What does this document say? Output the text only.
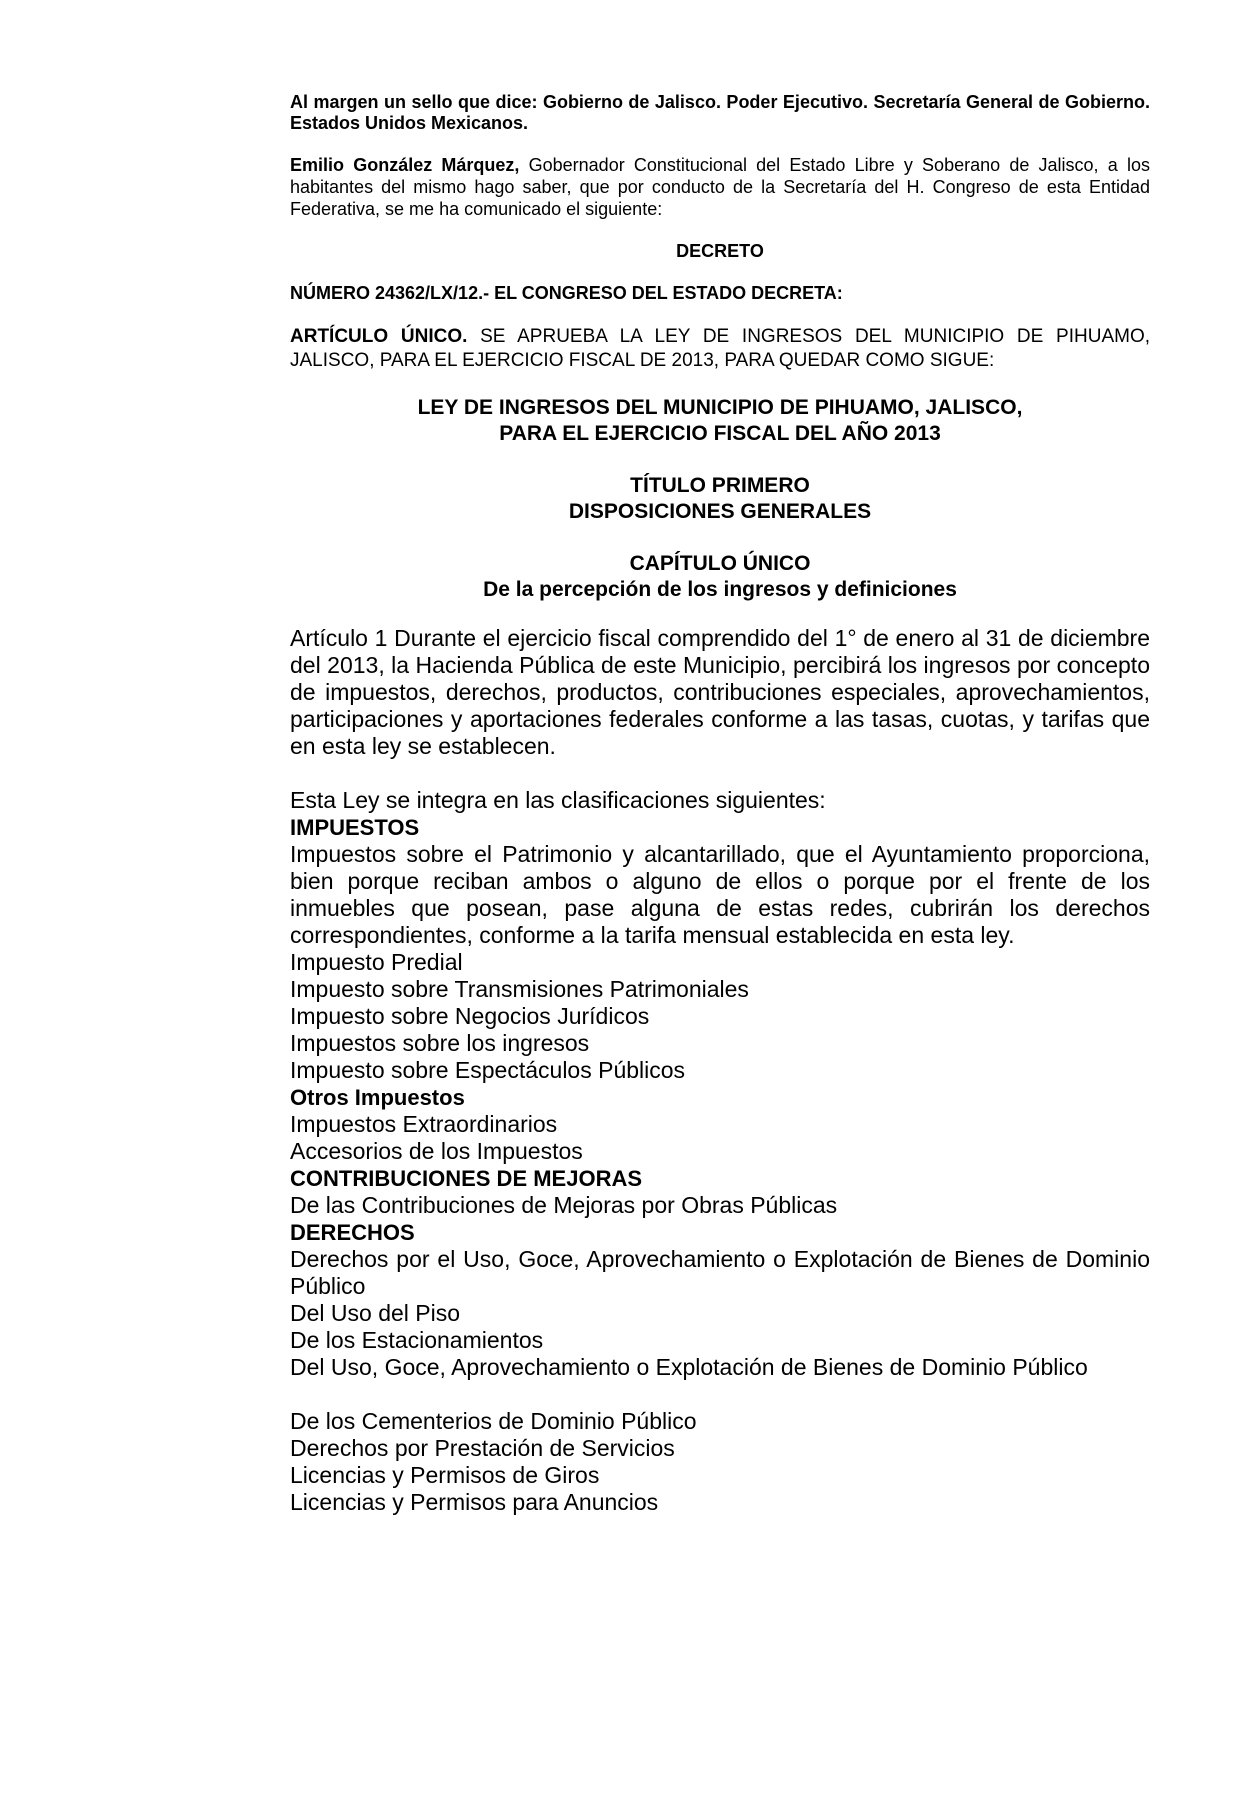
Al margen un sello que dice: Gobierno de Jalisco. Poder Ejecutivo. Secretaría General de Gobierno. Estados Unidos Mexicanos.

Emilio González Márquez, Gobernador Constitucional del Estado Libre y Soberano de Jalisco, a los habitantes del mismo hago saber, que por conducto de la Secretaría del H. Congreso de esta Entidad Federativa, se me ha comunicado el siguiente:

DECRETO

NÚMERO 24362/LX/12.- EL CONGRESO DEL ESTADO DECRETA:

ARTÍCULO ÚNICO. SE APRUEBA LA LEY DE INGRESOS DEL MUNICIPIO DE PIHUAMO, JALISCO, PARA EL EJERCICIO FISCAL DE 2013, PARA QUEDAR COMO SIGUE:

LEY DE INGRESOS DEL MUNICIPIO DE PIHUAMO, JALISCO,

PARA EL EJERCICIO FISCAL DEL AÑO 2013

TÍTULO PRIMERO

DISPOSICIONES GENERALES

CAPÍTULO ÚNICO

De la percepción de los ingresos y definiciones

Artículo 1 Durante el ejercicio fiscal comprendido del 1° de enero al 31 de diciembre del 2013, la Hacienda Pública de este Municipio, percibirá los ingresos por concepto de impuestos, derechos, productos, contribuciones especiales, aprovechamientos, participaciones y aportaciones federales conforme a las tasas, cuotas, y tarifas que en esta ley se establecen.

Esta Ley se integra en las clasificaciones siguientes:

IMPUESTOS

Impuestos sobre el Patrimonio y alcantarillado, que el Ayuntamiento proporciona, bien porque reciban ambos o alguno de ellos o porque por el frente de los inmuebles que posean, pase alguna de estas redes, cubrirán los derechos correspondientes, conforme a la tarifa mensual establecida en esta ley.

Impuesto Predial

Impuesto sobre Transmisiones Patrimoniales

Impuesto sobre Negocios Jurídicos

Impuestos sobre los ingresos

Impuesto sobre Espectáculos Públicos

Otros Impuestos

Impuestos Extraordinarios

Accesorios de los Impuestos

CONTRIBUCIONES DE MEJORAS

De las Contribuciones de Mejoras por Obras Públicas

DERECHOS

Derechos por el Uso, Goce, Aprovechamiento o Explotación de Bienes de Dominio Público

Del Uso del Piso

De los Estacionamientos

Del Uso, Goce, Aprovechamiento o Explotación de Bienes de Dominio Público

De los Cementerios de Dominio Público

Derechos por Prestación de Servicios

Licencias y Permisos de Giros

Licencias y Permisos para Anuncios
